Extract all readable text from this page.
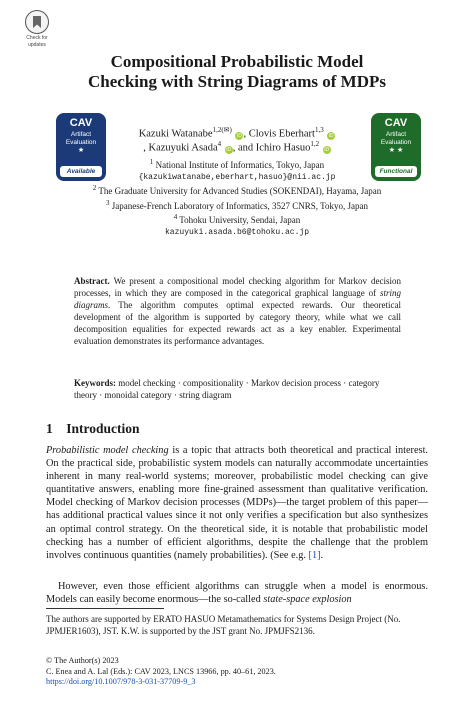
Check for
updates
Compositional Probabilistic Model
Checking with String Diagrams of MDPs
CAV
Artifact
Evaluation
★
Available
CAV
Artifact
Evaluation
★ ★
Functional
Kazuki Watanabe$^{1,2(✉)}$ iD , Clovis Eberhart$^{1,3}$ iD
, Kazuyuki Asada$^4$ iD , and Ichiro Hasuo$^{1,2}$ iD
$^1$ National Institute of Informatics, Tokyo, Japan
{kazukiwatanabe,eberhart,hasuo}@nii.ac.jp
$^2$ The Graduate University for Advanced Studies (SOKENDAI), Hayama, Japan
$^3$ Japanese-French Laboratory of Informatics, 3527 CNRS, Tokyo, Japan
$^4$ Tohoku University, Sendai, Japan
kazuyuki.asada.b6@tohoku.ac.jp
Abstract. We present a compositional model checking algorithm for Markov decision processes, in which they are composed in the categorical graphical language of string diagrams. The algorithm computes optimal expected rewards. Our theoretical development of the algorithm is supported by category theory, while what we call decomposition equalities for expected rewards act as a key enabler. Experimental evaluation demonstrates its performance advantages.
Keywords: model checking · compositionality · Markov decision process · category theory · monoidal category · string diagram
1 Introduction
Probabilistic model checking is a topic that attracts both theoretical and practical interest. On the practical side, probabilistic system models can naturally accommodate uncertainties inherent in many real-world systems; moreover, probabilistic model checking can give quantitative answers, enabling more fine-grained assessment than qualitative verification. Model checking of Markov decision processes (MDPs)—the target problem of this paper—has additional practical values since it not only verifies a specification but also synthesizes an optimal control strategy. On the theoretical side, it is notable that probabilistic model checking has a number of efficient algorithms, despite the challenge that the problem involves continuous quantities (namely probabilities). (See e.g. [1].
However, even those efficient algorithms can struggle when a model is enormous. Models can easily become enormous—the so-called state-space explosion
The authors are supported by ERATO HASUO Metamathematics for Systems Design Project (No. JPMJER1603), JST. K.W. is supported by the JST grant No. JPMJFS2136.
© The Author(s) 2023
C. Enea and A. Lal (Eds.): CAV 2023, LNCS 13966, pp. 40–61, 2023.
https://doi.org/10.1007/978-3-031-37709-9_3
